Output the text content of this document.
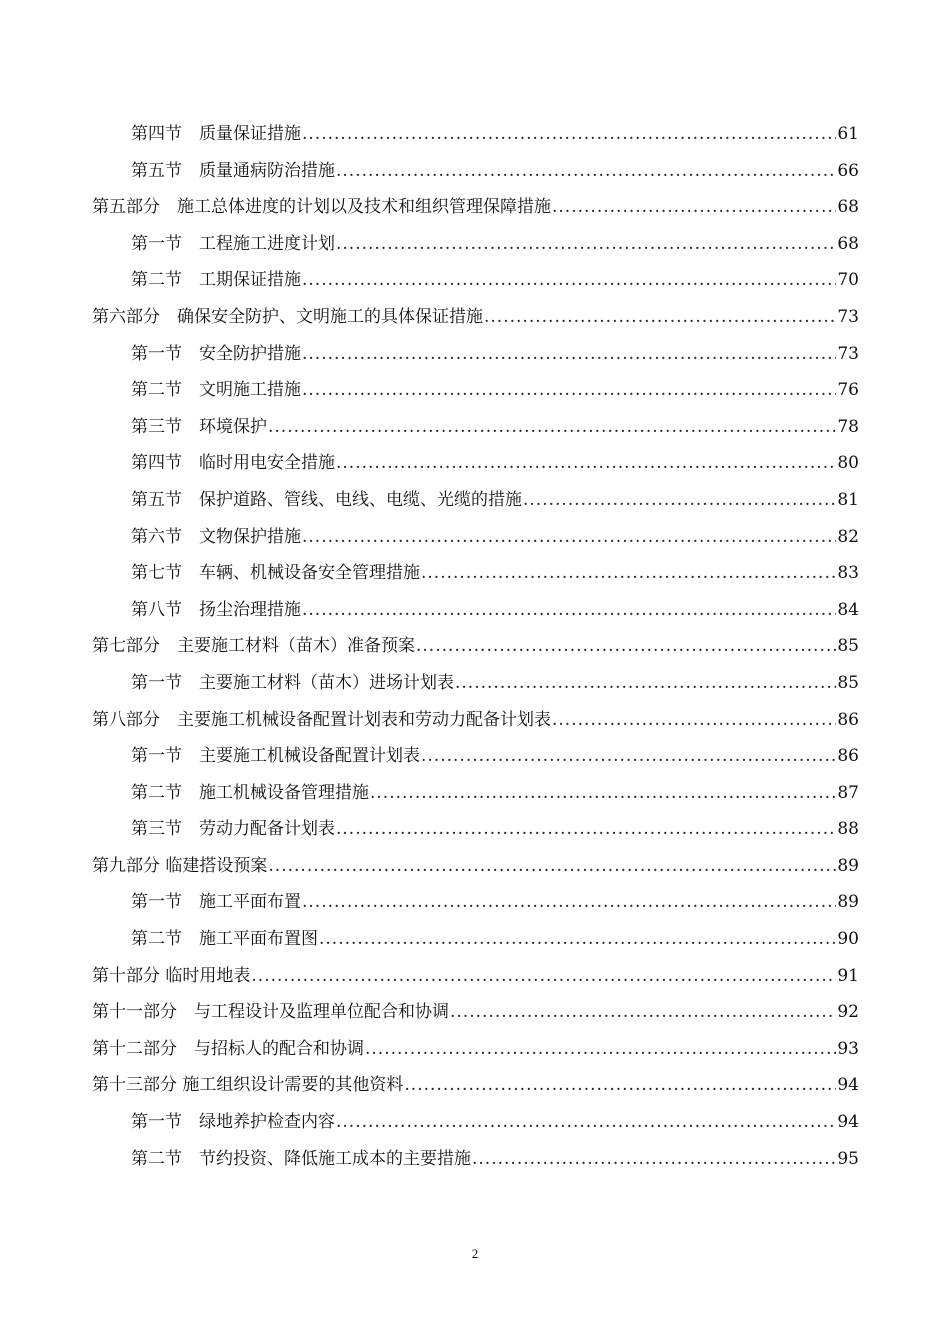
第四节　质量保证措施 .....	61
第五节　质量通病防治措施 .....	66
第五部分　施工总体进度的计划以及技术和组织管理保障措施 .....	68
第一节　工程施工进度计划 .....	68
第二节　工期保证措施 .....	70
第六部分　确保安全防护、文明施工的具体保证措施 .....	73
第一节　安全防护措施 .....	73
第二节　文明施工措施 .....	76
第三节　环境保护 .....	78
第四节　临时用电安全措施 .....	80
第五节　保护道路、管线、电线、电缆、光缆的措施 .....	81
第六节　文物保护措施 .....	82
第七节　车辆、机械设备安全管理措施 .....	83
第八节　扬尘治理措施 .....	84
第七部分　主要施工材料（苗木）准备预案 .....	85
第一节　主要施工材料（苗木）进场计划表 .....	85
第八部分　主要施工机械设备配置计划表和劳动力配备计划表 .....	86
第一节　主要施工机械设备配置计划表 .....	86
第二节　施工机械设备管理措施 .....	87
第三节　劳动力配备计划表 .....	88
第九部分 临建搭设预案 .....	89
第一节　施工平面布置 .....	89
第二节　施工平面布置图 .....	90
第十部分 临时用地表 .....	91
第十一部分　与工程设计及监理单位配合和协调 .....	92
第十二部分　与招标人的配合和协调 .....	93
第十三部分 施工组织设计需要的其他资料 .....	94
第一节　绿地养护检查内容 .....	94
第二节　节约投资、降低施工成本的主要措施 .....	95
2
